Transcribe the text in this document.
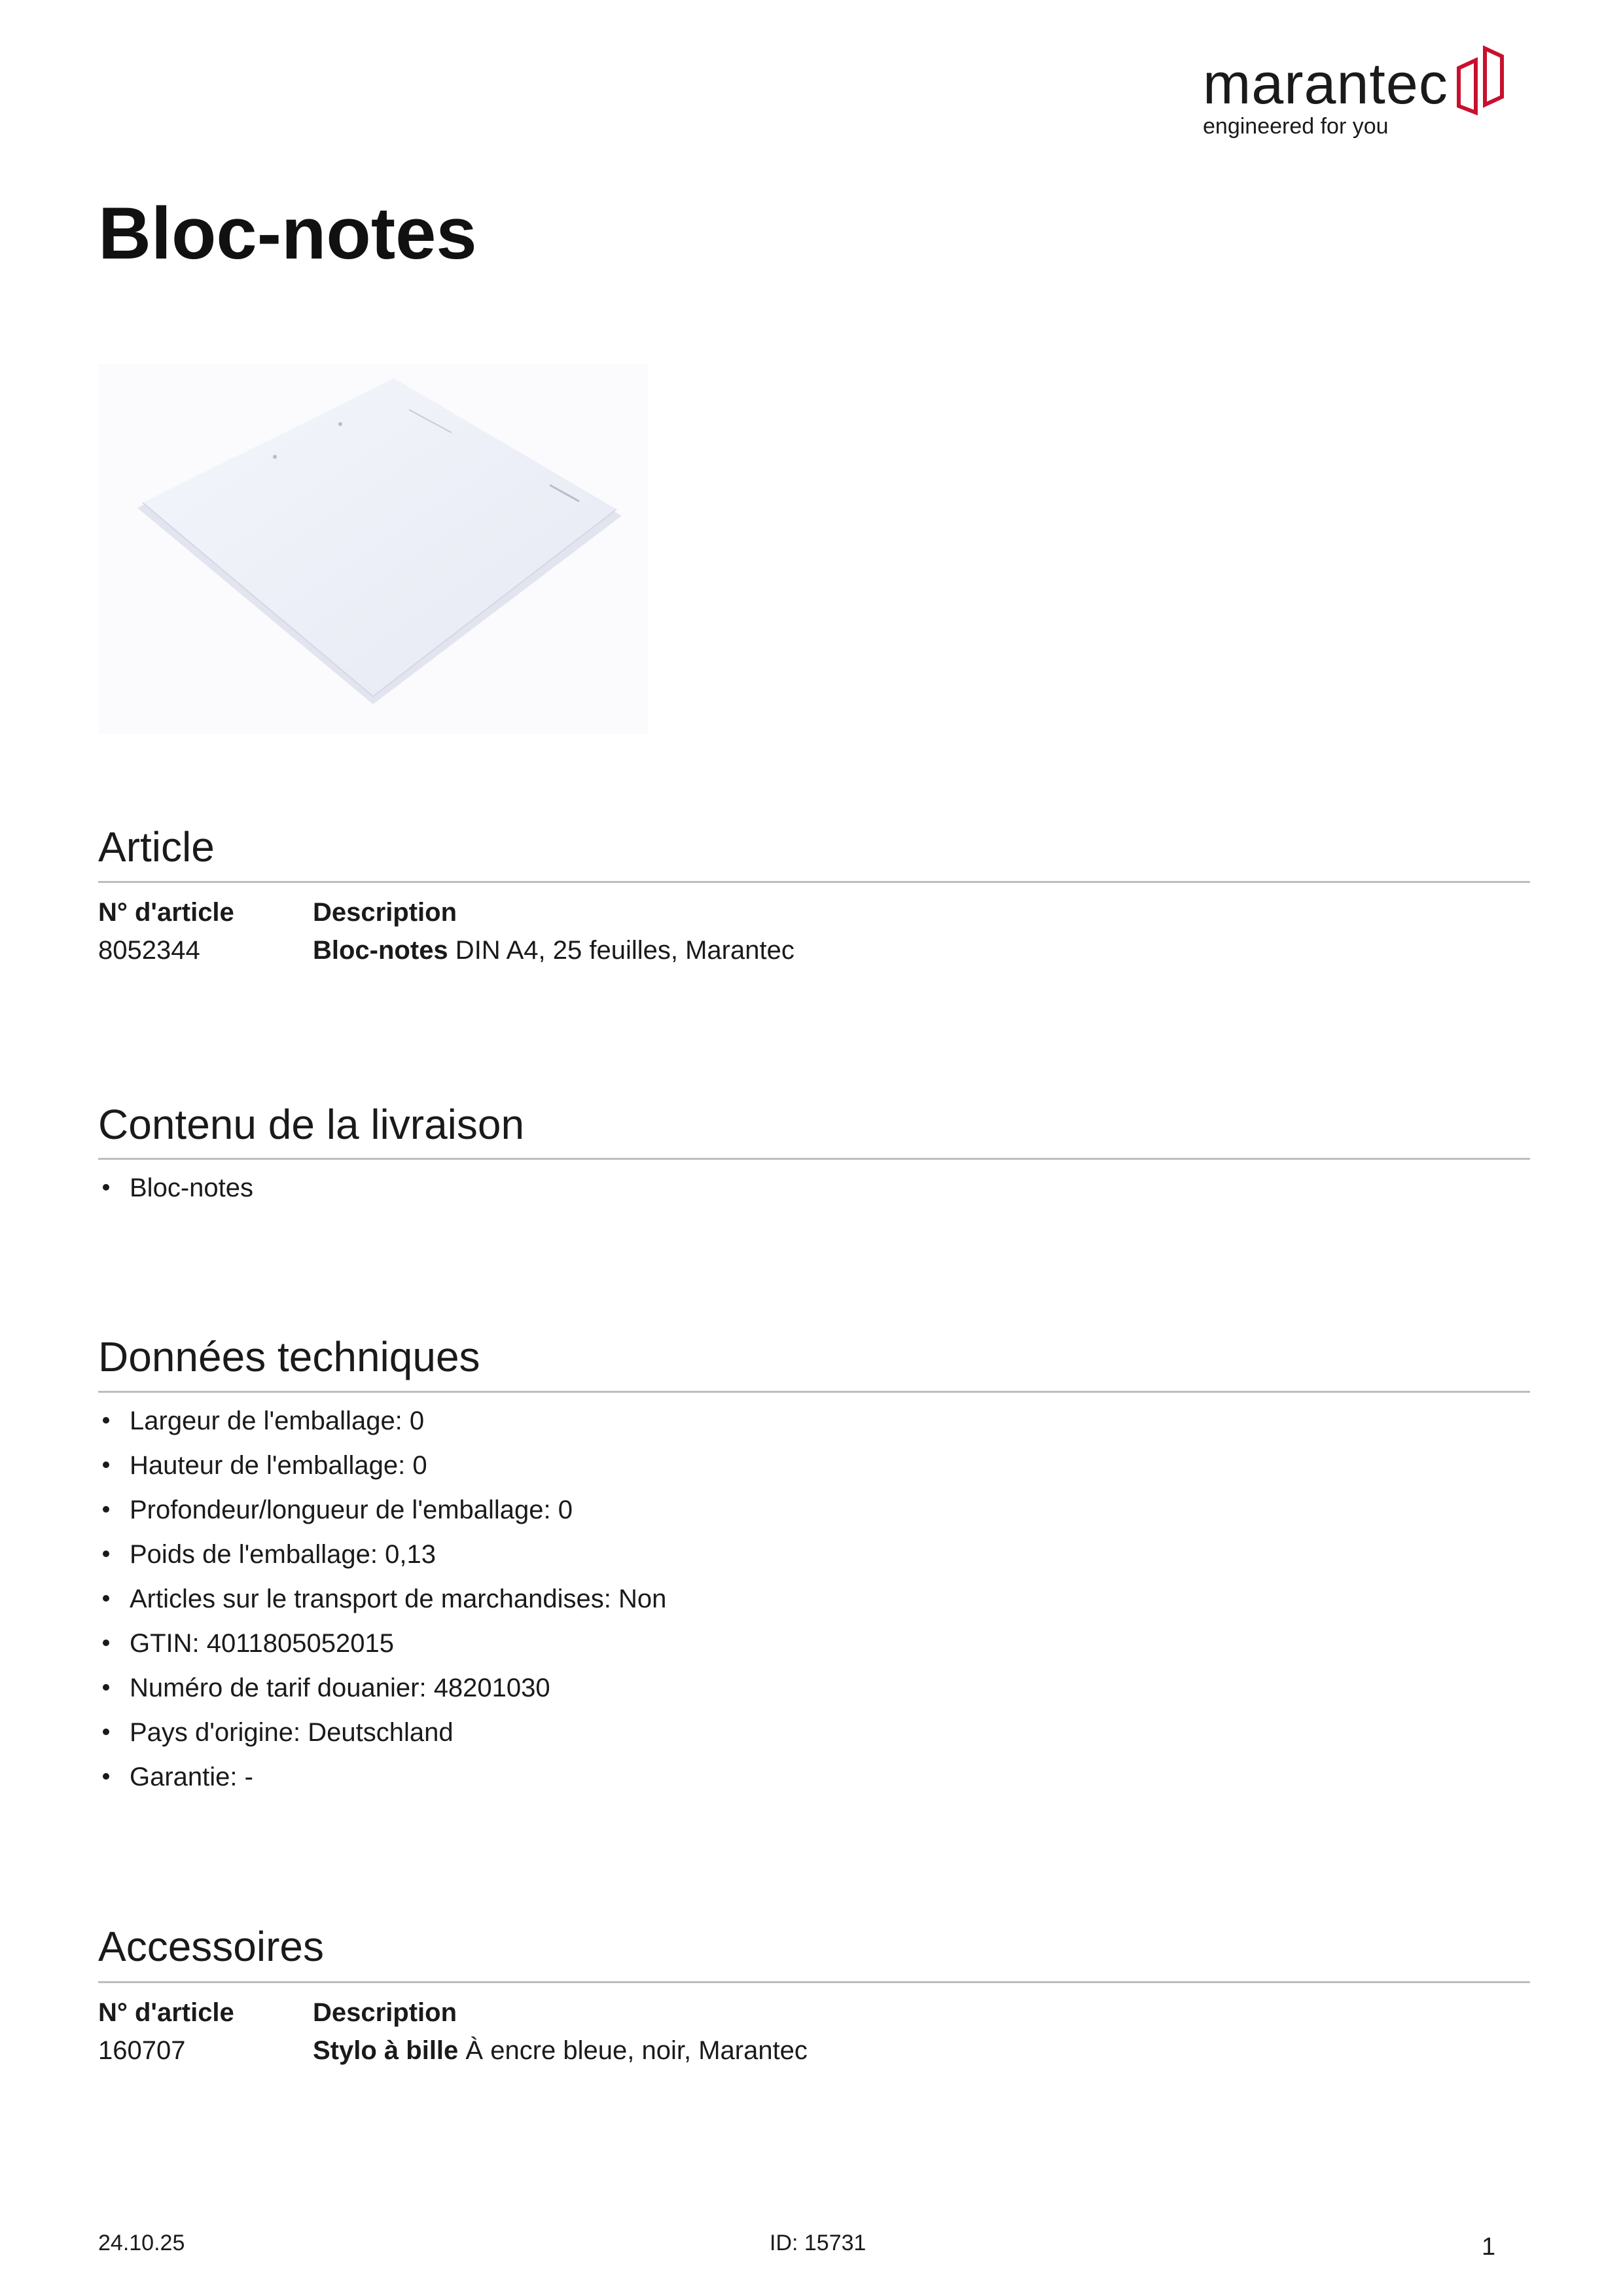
marantec
engineered for you
Bloc-notes
Article
N° d'article	Description
8052344	Bloc-notes DIN A4, 25 feuilles, Marantec
Contenu de la livraison
Bloc-notes
Données techniques
Largeur de l'emballage: 0
Hauteur de l'emballage: 0
Profondeur/longueur de l'emballage: 0
Poids de l'emballage: 0,13
Articles sur le transport de marchandises: Non
GTIN: 4011805052015
Numéro de tarif douanier: 48201030
Pays d'origine: Deutschland
Garantie: -
Accessoires
N° d'article	Description
160707	Stylo à bille À encre bleue, noir, Marantec
24.10.25	ID: 15731	1
